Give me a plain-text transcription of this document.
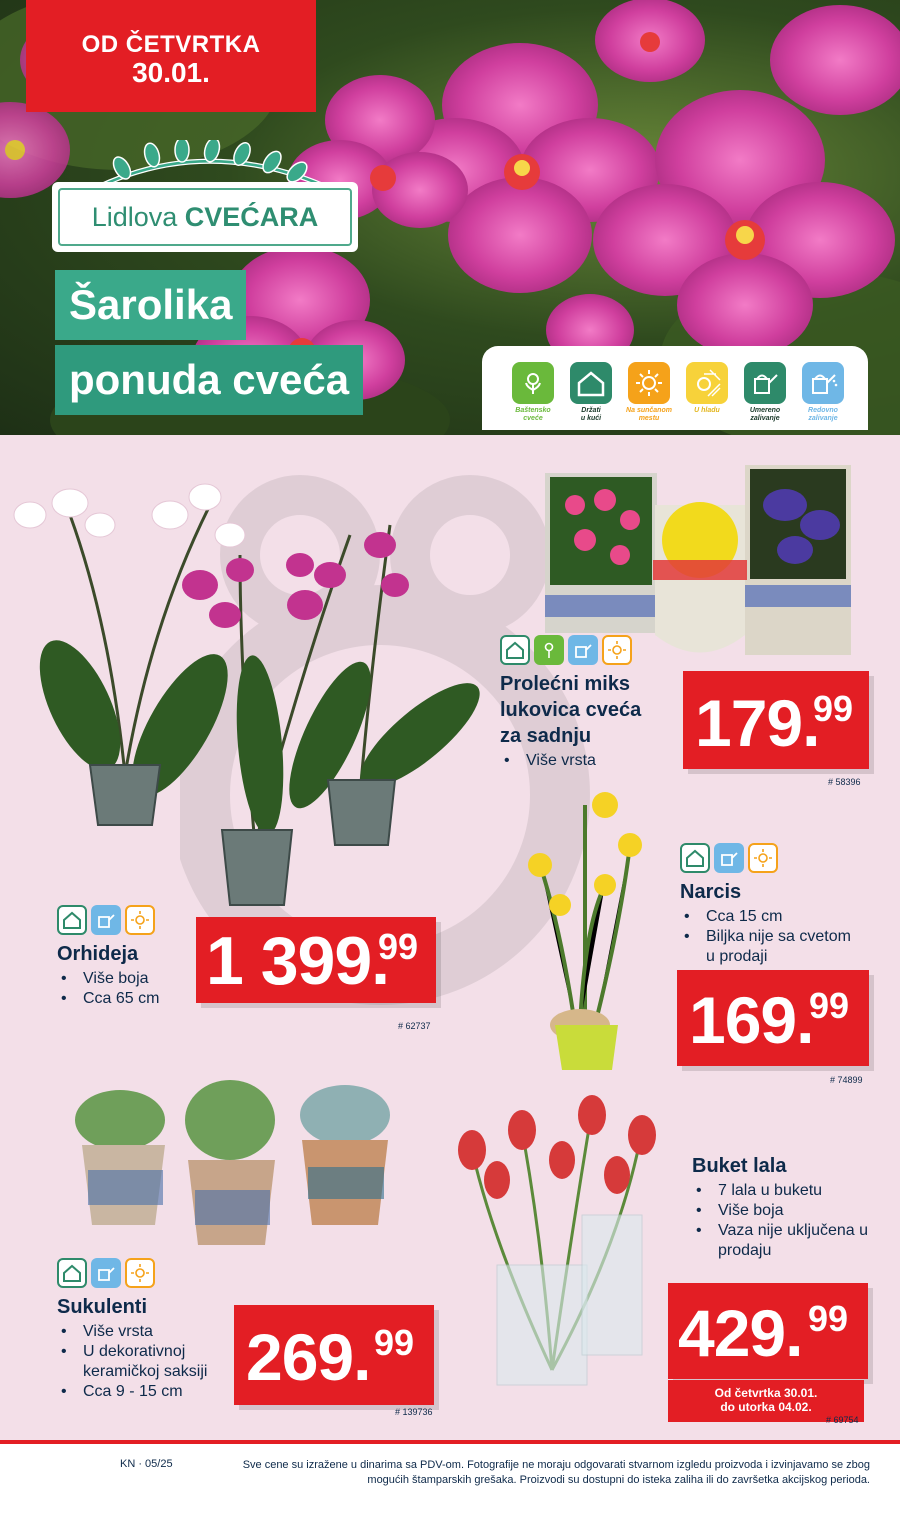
OD ČETVRTKA
30.01.
Lidlova CVEĆARA
Šarolika
ponuda cveća
Baštensko
cveće
Držati
u kući
Na sunčanom
mestu
U hladu	Umereno
zalivanje
Redovno
zalivanje
Orhideja
• Više boja
• Cca 65 cm 1 399.
99
# 62737
Prolećni miks
lukovica cveća
za sadnju
• Više vrsta
179.
99
# 58396
Narcis
• Cca 15 cm
• Biljka nije sa cvetom u prodaji
169.
99
# 74899
Sukulenti
• Više vrsta
• U dekorativnoj keramičkoj saksiji
• Cca 9 - 15 cm 269. 99
# 139736
Buket lala
• 7 lala u buketu
• Više boja
• Vaza nije uključena u prodaju
429. 99
Od četvrtka 30.01.
do utorka 04.02.
# 69754
KN · 05/25	Sve cene su izražene u dinarima sa PDV-om. Fotografije ne moraju odgovarati stvarnom izgledu proizvoda i izvinjavamo se zbog
mogućih štamparskih grešaka. Proizvodi su dostupni do isteka zaliha ili do završetka akcijskog perioda.
